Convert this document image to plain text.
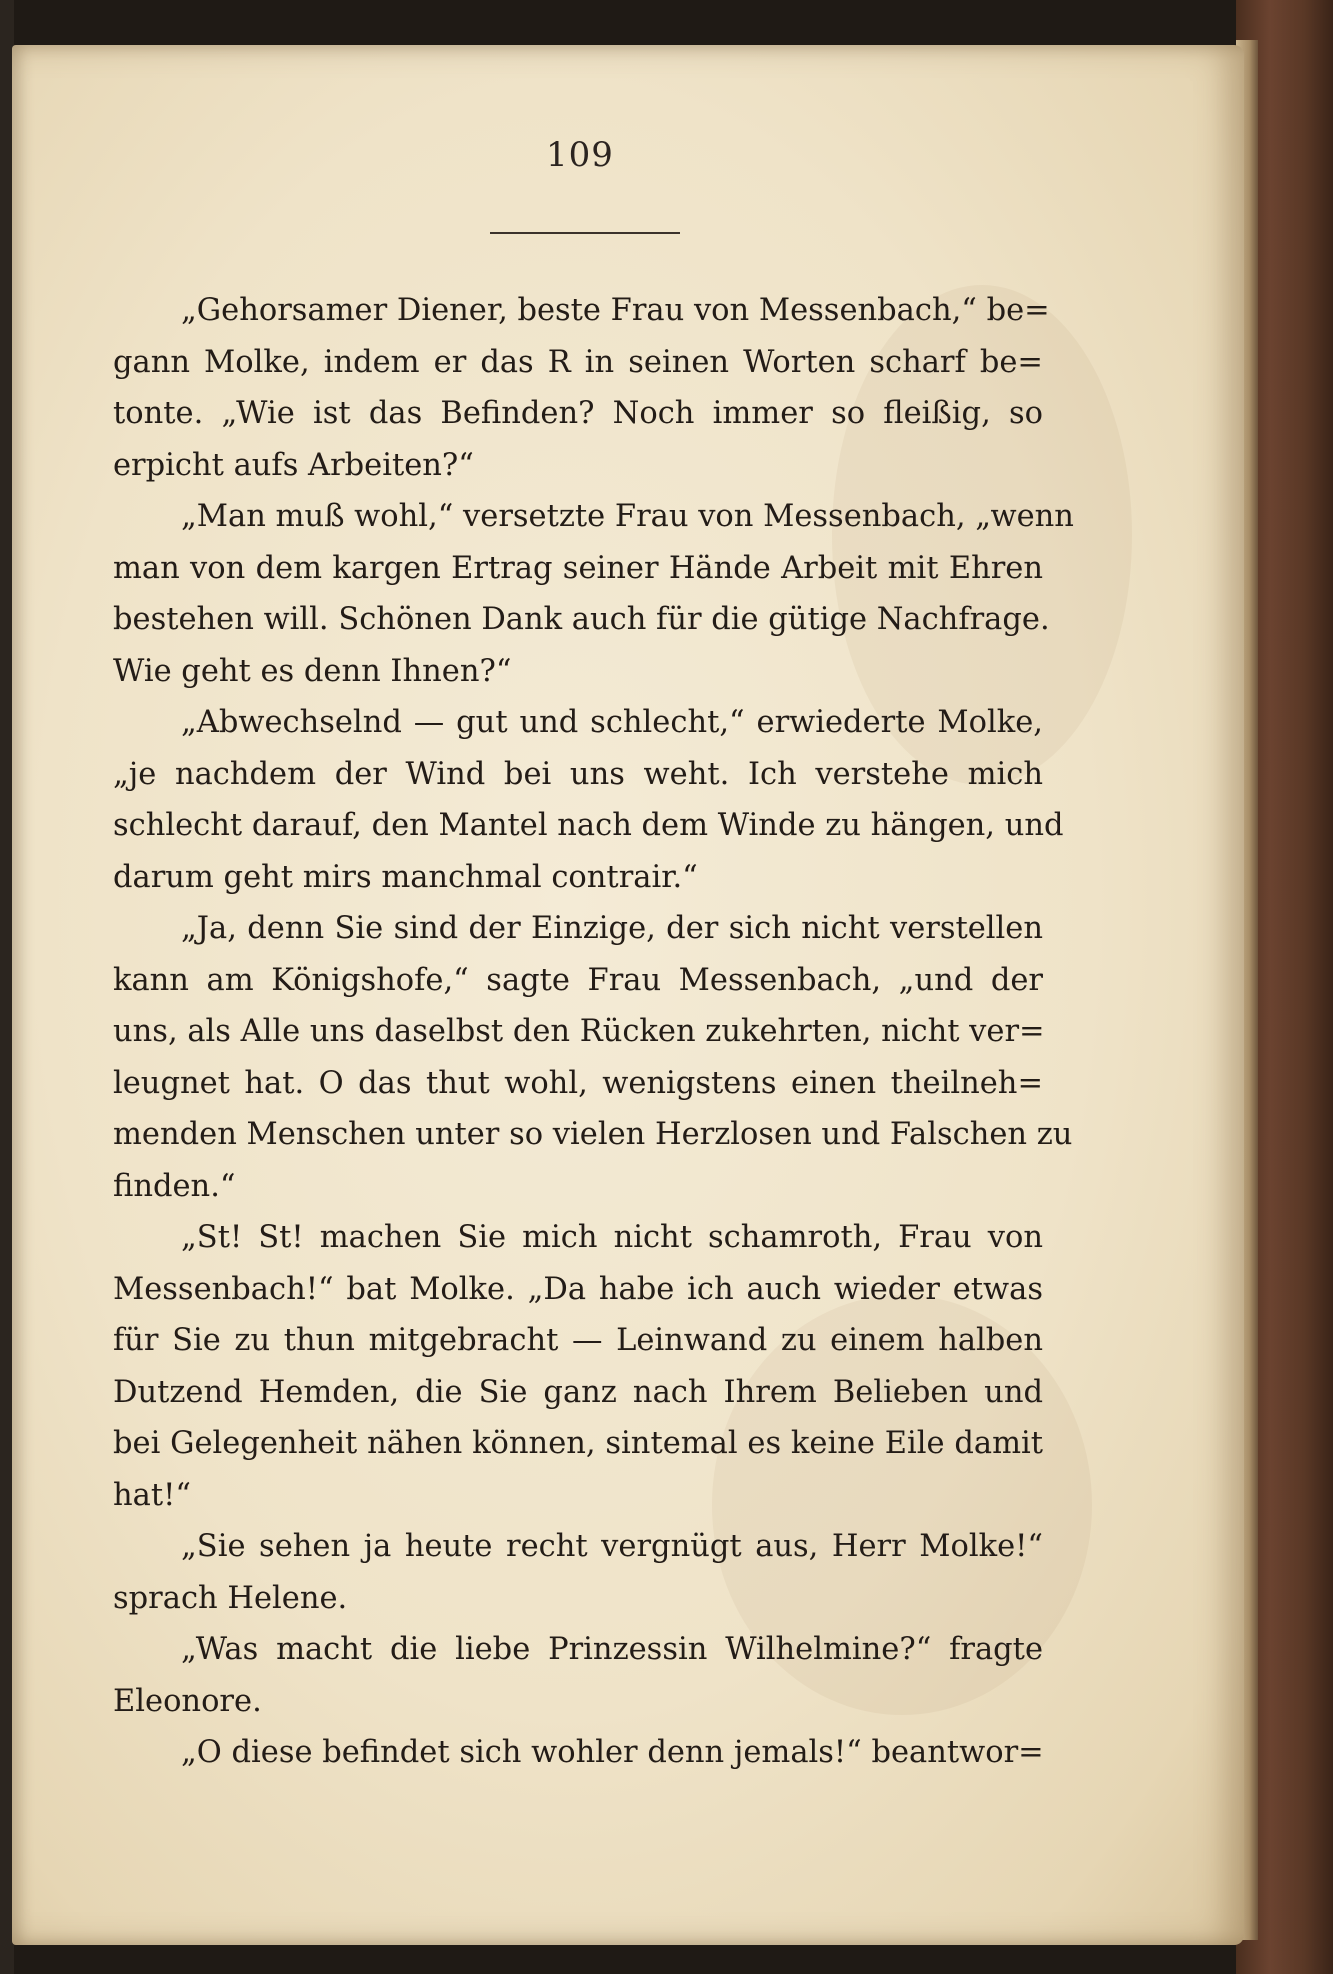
109
„Gehorsamer Diener, beste Frau von Messenbach,“ be=
gann Molke, indem er das R in seinen Worten scharf be=
tonte. „Wie ist das Befinden? Noch immer so fleißig, so
erpicht aufs Arbeiten?“
„Man muß wohl,“ versetzte Frau von Messenbach, „wenn
man von dem kargen Ertrag seiner Hände Arbeit mit Ehren
bestehen will. Schönen Dank auch für die gütige Nachfrage.
Wie geht es denn Ihnen?“
„Abwechselnd — gut und schlecht,“ erwiederte Molke,
„je nachdem der Wind bei uns weht. Ich verstehe mich
schlecht darauf, den Mantel nach dem Winde zu hängen, und
darum geht mirs manchmal contrair.“
„Ja, denn Sie sind der Einzige, der sich nicht verstellen
kann am Königshofe,“ sagte Frau Messenbach, „und der
uns, als Alle uns daselbst den Rücken zukehrten, nicht ver=
leugnet hat. O das thut wohl, wenigstens einen theilneh=
menden Menschen unter so vielen Herzlosen und Falschen zu
finden.“
„St! St! machen Sie mich nicht schamroth, Frau von
Messenbach!“ bat Molke. „Da habe ich auch wieder etwas
für Sie zu thun mitgebracht — Leinwand zu einem halben
Dutzend Hemden, die Sie ganz nach Ihrem Belieben und
bei Gelegenheit nähen können, sintemal es keine Eile damit
hat!“
„Sie sehen ja heute recht vergnügt aus, Herr Molke!“
sprach Helene.
„Was macht die liebe Prinzessin Wilhelmine?“ fragte
Eleonore.
„O diese befindet sich wohler denn jemals!“ beantwor=
